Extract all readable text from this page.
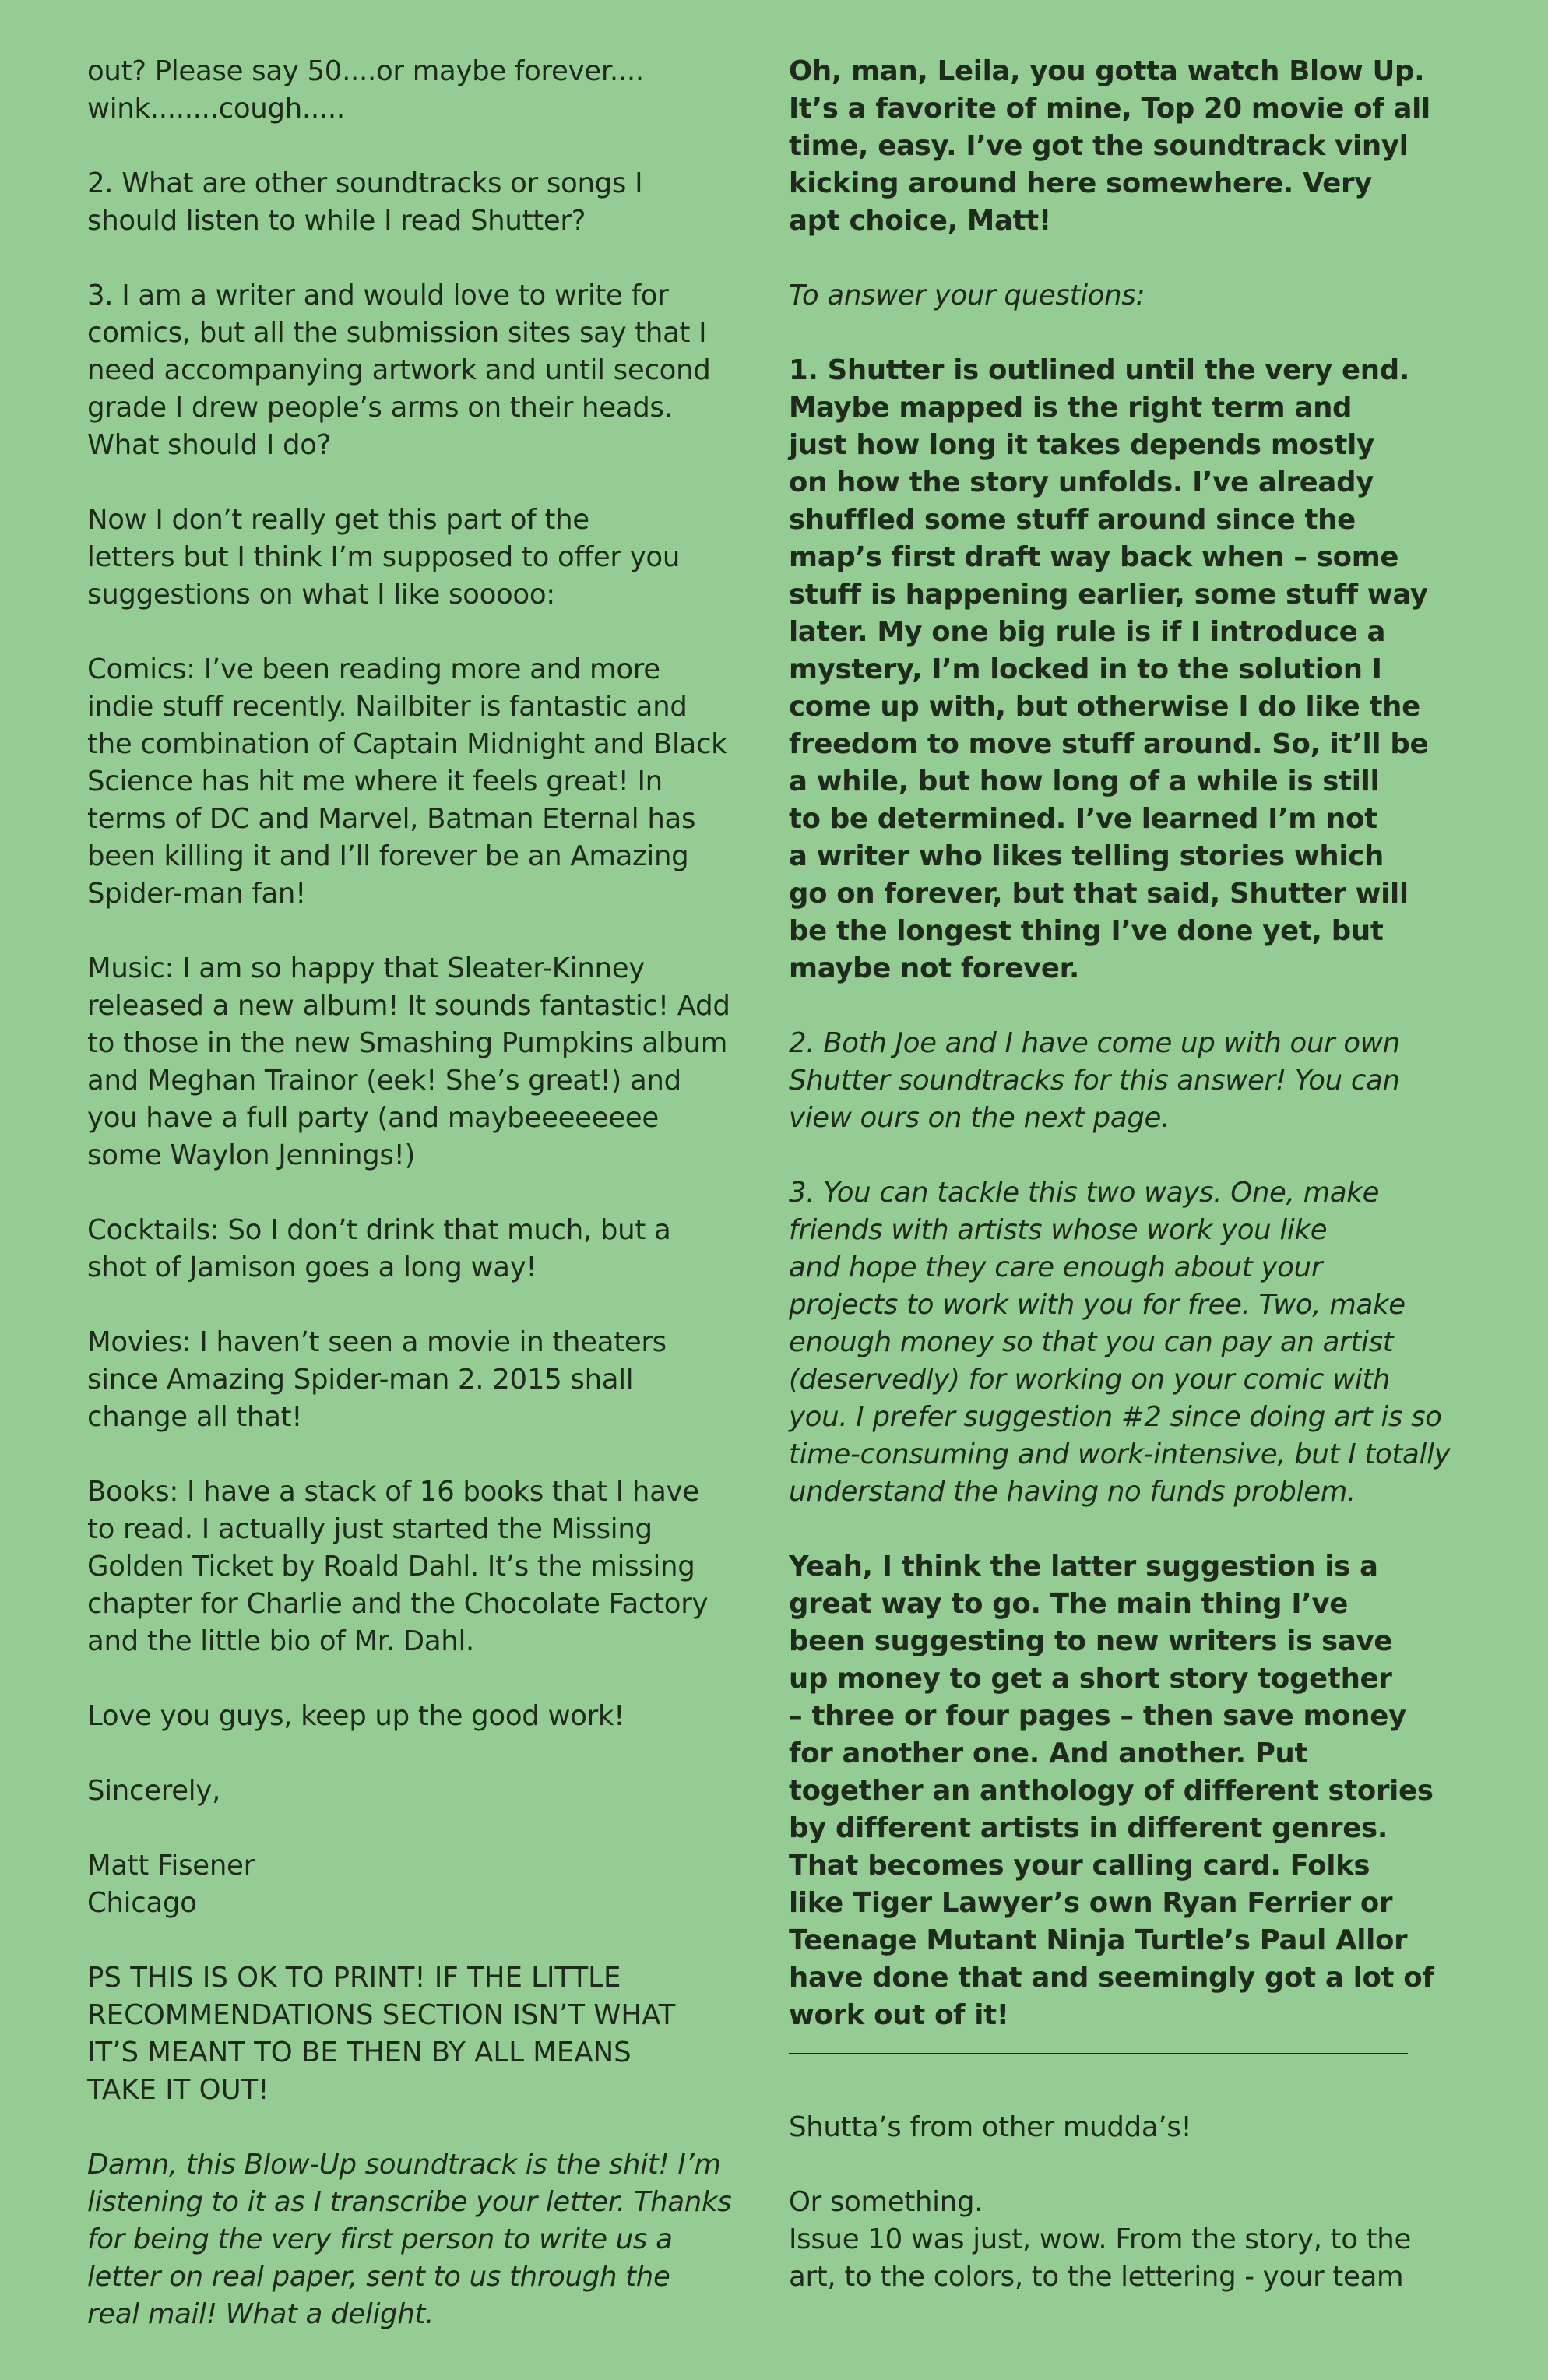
out? Please say 50....or maybe forever....
wink........cough.....

2. What are other soundtracks or songs I
should listen to while I read Shutter?

3. I am a writer and would love to write for
comics, but all the submission sites say that I
need accompanying artwork and until second
grade I drew people’s arms on their heads.
What should I do?

Now I don’t really get this part of the
letters but I think I’m supposed to offer you
suggestions on what I like sooooo:

Comics: I’ve been reading more and more
indie stuff recently. Nailbiter is fantastic and
the combination of Captain Midnight and Black
Science has hit me where it feels great! In
terms of DC and Marvel, Batman Eternal has
been killing it and I’ll forever be an Amazing
Spider-man fan!

Music: I am so happy that Sleater-Kinney
released a new album! It sounds fantastic! Add
to those in the new Smashing Pumpkins album
and Meghan Trainor (eek! She’s great!) and
you have a full party (and maybeeeeeeee
some Waylon Jennings!)

Cocktails: So I don’t drink that much, but a
shot of Jamison goes a long way!

Movies: I haven’t seen a movie in theaters
since Amazing Spider-man 2. 2015 shall
change all that!

Books: I have a stack of 16 books that I have
to read. I actually just started the Missing
Golden Ticket by Roald Dahl. It’s the missing
chapter for Charlie and the Chocolate Factory
and the little bio of Mr. Dahl.

Love you guys, keep up the good work!

Sincerely,

Matt Fisener
Chicago

PS THIS IS OK TO PRINT! IF THE LITTLE
RECOMMENDATIONS SECTION ISN’T WHAT
IT’S MEANT TO BE THEN BY ALL MEANS
TAKE IT OUT!

Damn, this Blow-Up soundtrack is the shit! I’m
listening to it as I transcribe your letter. Thanks
for being the very first person to write us a
letter on real paper, sent to us through the
real mail! What a delight.

Oh, man, Leila, you gotta watch Blow Up.
It’s a favorite of mine, Top 20 movie of all
time, easy. I’ve got the soundtrack vinyl
kicking around here somewhere. Very
apt choice, Matt!

To answer your questions:

1. Shutter is outlined until the very end.
Maybe mapped is the right term and
just how long it takes depends mostly
on how the story unfolds. I’ve already
shuffled some stuff around since the
map’s first draft way back when – some
stuff is happening earlier, some stuff way
later. My one big rule is if I introduce a
mystery, I’m locked in to the solution I
come up with, but otherwise I do like the
freedom to move stuff around. So, it’ll be
a while, but how long of a while is still
to be determined. I’ve learned I’m not
a writer who likes telling stories which
go on forever, but that said, Shutter will
be the longest thing I’ve done yet, but
maybe not forever.

2. Both Joe and I have come up with our own
Shutter soundtracks for this answer! You can
view ours on the next page.

3. You can tackle this two ways. One, make
friends with artists whose work you like
and hope they care enough about your
projects to work with you for free. Two, make
enough money so that you can pay an artist
(deservedly) for working on your comic with
you. I prefer suggestion #2 since doing art is so
time-consuming and work-intensive, but I totally
understand the having no funds problem.

Yeah, I think the latter suggestion is a
great way to go. The main thing I’ve
been suggesting to new writers is save
up money to get a short story together
– three or four pages – then save money
for another one. And another. Put
together an anthology of different stories
by different artists in different genres.
That becomes your calling card. Folks
like Tiger Lawyer’s own Ryan Ferrier or
Teenage Mutant Ninja Turtle’s Paul Allor
have done that and seemingly got a lot of
work out of it!

Shutta’s from other mudda’s!

Or something.
Issue 10 was just, wow. From the story, to the
art, to the colors, to the lettering - your team
